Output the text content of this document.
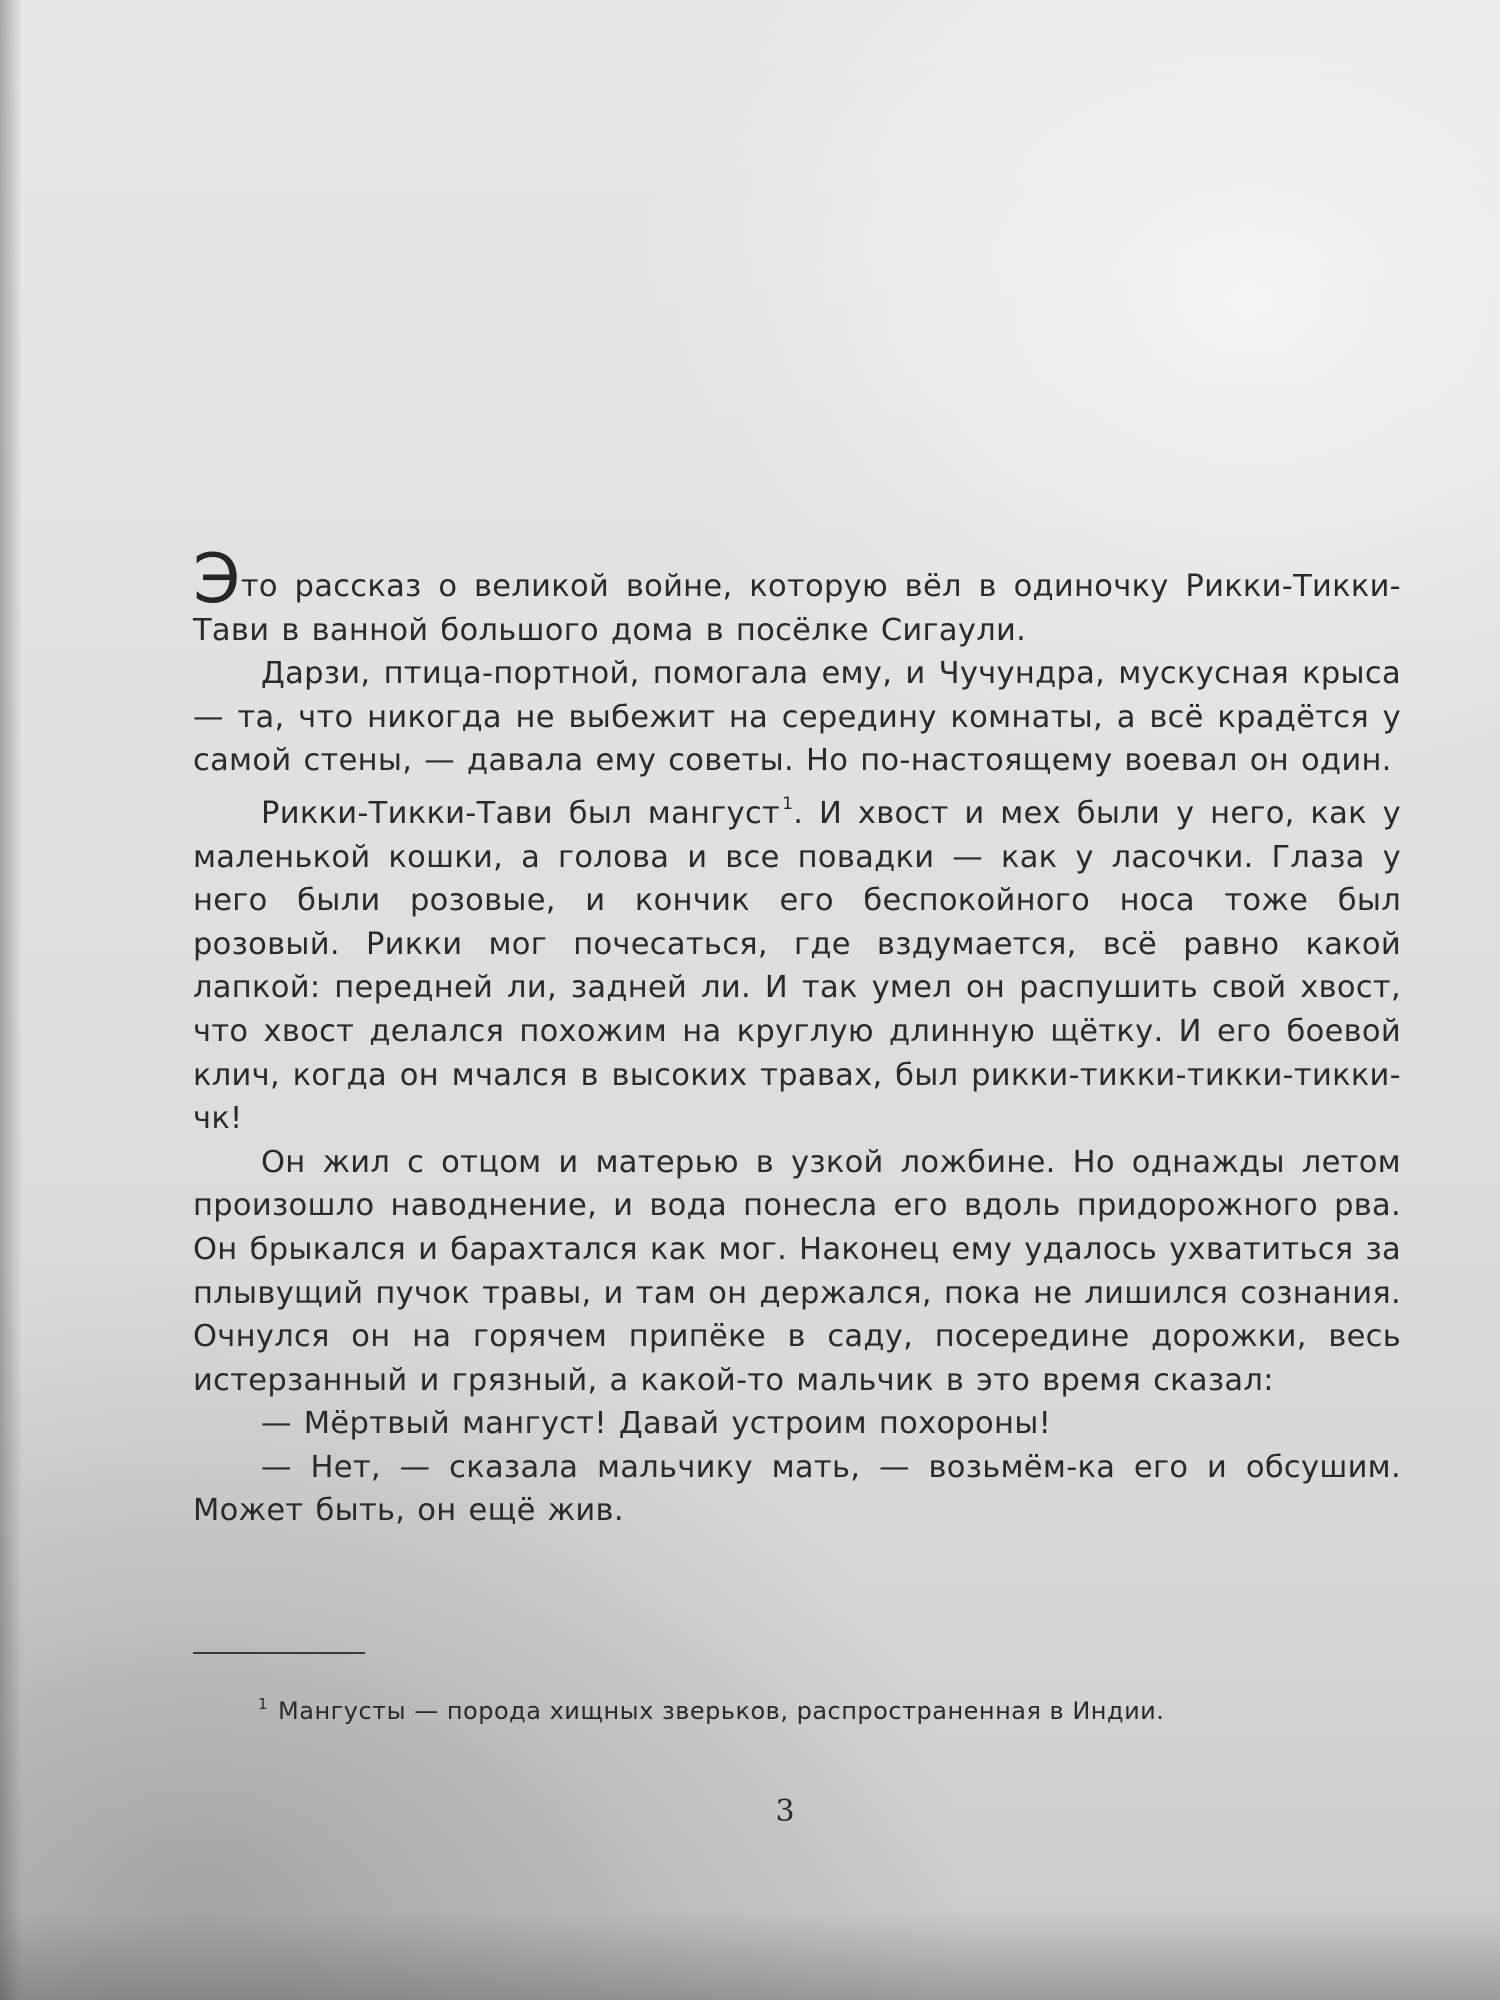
Это рассказ о великой войне, которую вёл в одиночку Рикки-Тикки-Тави в ванной большого дома в посёлке Сигаули.

Дарзи, птица-портной, помогала ему, и Чучундра, мускусная крыса — та, что никогда не выбежит на середину комнаты, а всё крадётся у самой стены, — давала ему советы. Но по-настоящему воевал он один.

Рикки-Тикки-Тави был мангуст $^1$. И хвост и мех были у него, как у маленькой кошки, а голова и все повадки — как у ласочки. Глаза у него были розовые, и кончик его беспокойного носа тоже был розовый. Рикки мог почесаться, где вздумается, всё равно какой лапкой: передней ли, задней ли. И так умел он распушить свой хвост, что хвост делался похожим на круглую длинную щётку. И его боевой клич, когда он мчался в высоких травах, был рикки-тикки-тикки-тикки-чк!

Он жил с отцом и матерью в узкой ложбине. Но однажды летом произошло наводнение, и вода понесла его вдоль придорожного рва. Он брыкался и барахтался как мог. Наконец ему удалось ухватиться за плывущий пучок травы, и там он держался, пока не лишился сознания. Очнулся он на горячем припёке в саду, посередине дорожки, весь истерзанный и грязный, а какой-то мальчик в это время сказал:

— Мёртвый мангуст! Давай устроим похороны!

— Нет, — сказала мальчику мать, — возьмём-ка его и обсушим. Может быть, он ещё жив.

$^1$ Мангусты — порода хищных зверьков, распространенная в Индии.
3
